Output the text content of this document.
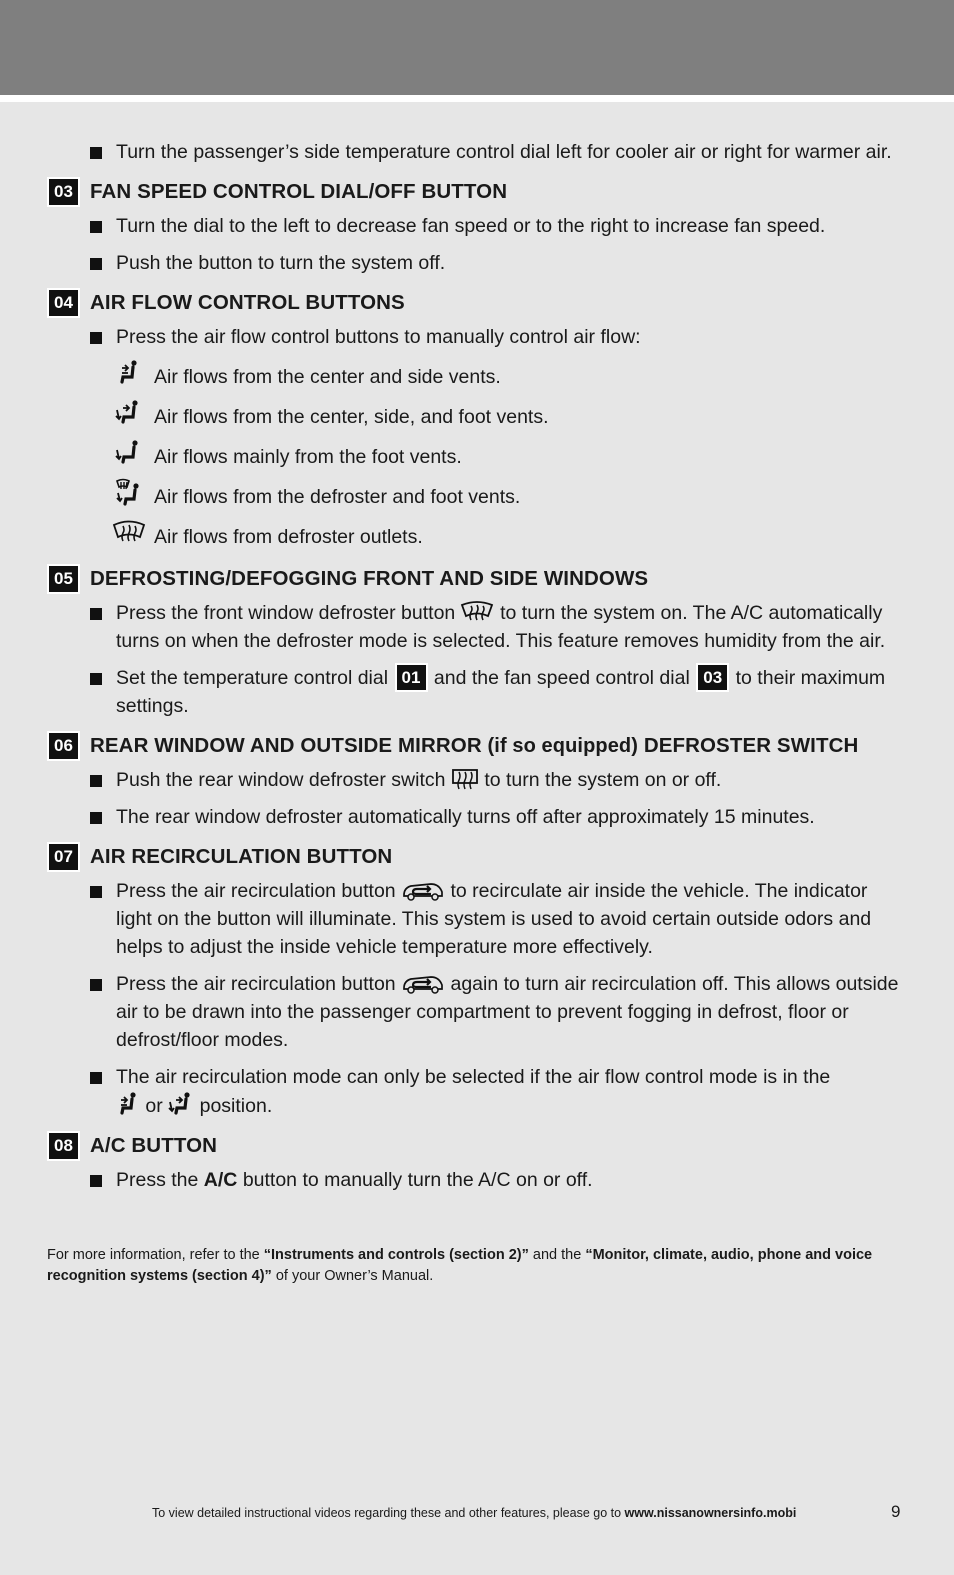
Turn the passenger’s side temperature control dial left for cooler air or right for warmer air.
03 FAN SPEED CONTROL DIAL/OFF BUTTON
Turn the dial to the left to decrease fan speed or to the right to increase fan speed.
Push the button to turn the system off.
04 AIR FLOW CONTROL BUTTONS
Press the air flow control buttons to manually control air flow:
Air flows from the center and side vents.
Air flows from the center, side, and foot vents.
Air flows mainly from the foot vents.
Air flows from the defroster and foot vents.
Air flows from defroster outlets.
05 DEFROSTING/DEFOGGING FRONT AND SIDE WINDOWS
Press the front window defroster button to turn the system on. The A/C automatically turns on when the defroster mode is selected. This feature removes humidity from the air.
Set the temperature control dial 01 and the fan speed control dial 03 to their maximum settings.
06 REAR WINDOW AND OUTSIDE MIRROR (if so equipped) DEFROSTER SWITCH
Push the rear window defroster switch to turn the system on or off.
The rear window defroster automatically turns off after approximately 15 minutes.
07 AIR RECIRCULATION BUTTON
Press the air recirculation button	to recirculate air inside the vehicle. The indicator light on the button will illuminate. This system is used to avoid certain outside odors and helps to adjust the inside vehicle temperature more effectively.
Press the air recirculation button	again to turn air recirculation off. This allows outside air to be drawn into the passenger compartment to prevent fogging in defrost, floor or defrost/floor modes.
The air recirculation mode can only be selected if the air flow control mode is in the
or position.
08 A/C BUTTON
Press the A/C button to manually turn the A/C on or off.
For more information, refer to the “Instruments and controls (section 2)” and the “Monitor, climate, audio, phone and voice recognition systems (section 4)” of your Owner’s Manual.
To view detailed instructional videos regarding these and other features, please go to www.nissanownersinfo.mobi	9
